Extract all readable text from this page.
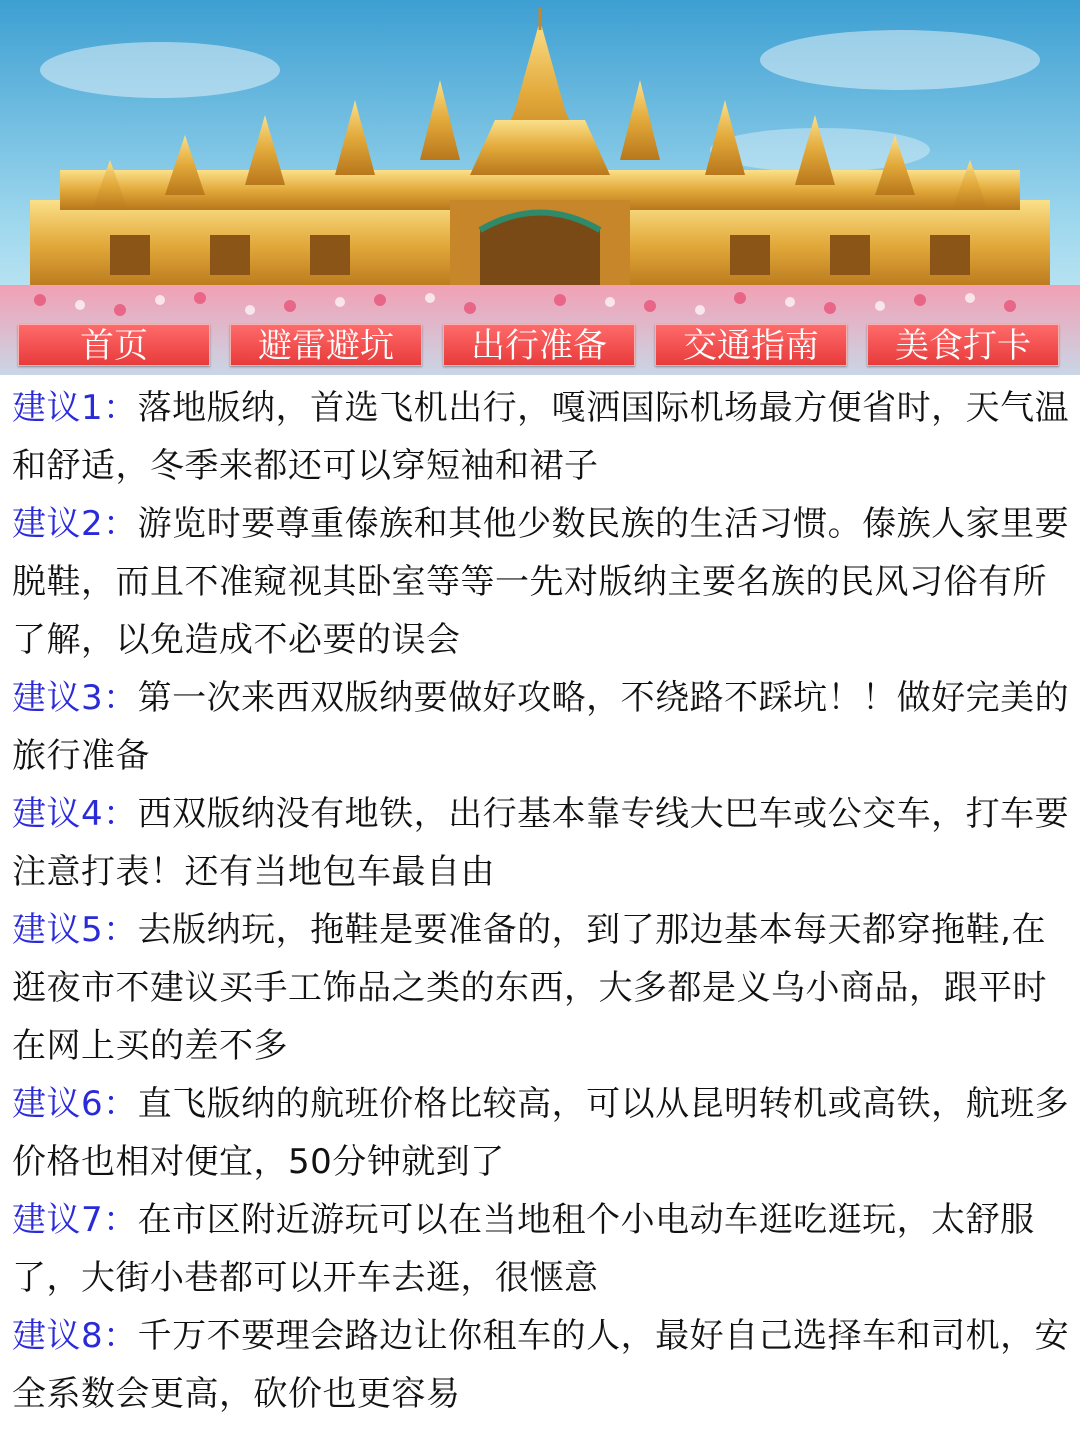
首页	避雷避坑	出行准备	交通指南	美食打卡

建议1：落地版纳，首选飞机出行，嘎洒国际机场最方便省时，天气温和舒适，冬季来都还可以穿短袖和裙子

建议2：游览时要尊重傣族和其他少数民族的生活习惯。傣族人家里要脱鞋，而且不准窥视其卧室等等一先对版纳主要名族的民风习俗有所了解，以免造成不必要的误会

建议3：第一次来西双版纳要做好攻略，不绕路不踩坑！！做好完美的旅行准备

建议4：西双版纳没有地铁，出行基本靠专线大巴车或公交车，打车要注意打表！还有当地包车最自由

建议5：去版纳玩，拖鞋是要准备的，到了那边基本每天都穿拖鞋,在逛夜市不建议买手工饰品之类的东西，大多都是义乌小商品，跟平时在网上买的差不多

建议6：直飞版纳的航班价格比较高，可以从昆明转机或高铁，航班多价格也相对便宜，50分钟就到了

建议7：在市区附近游玩可以在当地租个小电动车逛吃逛玩，太舒服了，大街小巷都可以开车去逛，很惬意

建议8：千万不要理会路边让你租车的人，最好自己选择车和司机，安全系数会更高，砍价也更容易
